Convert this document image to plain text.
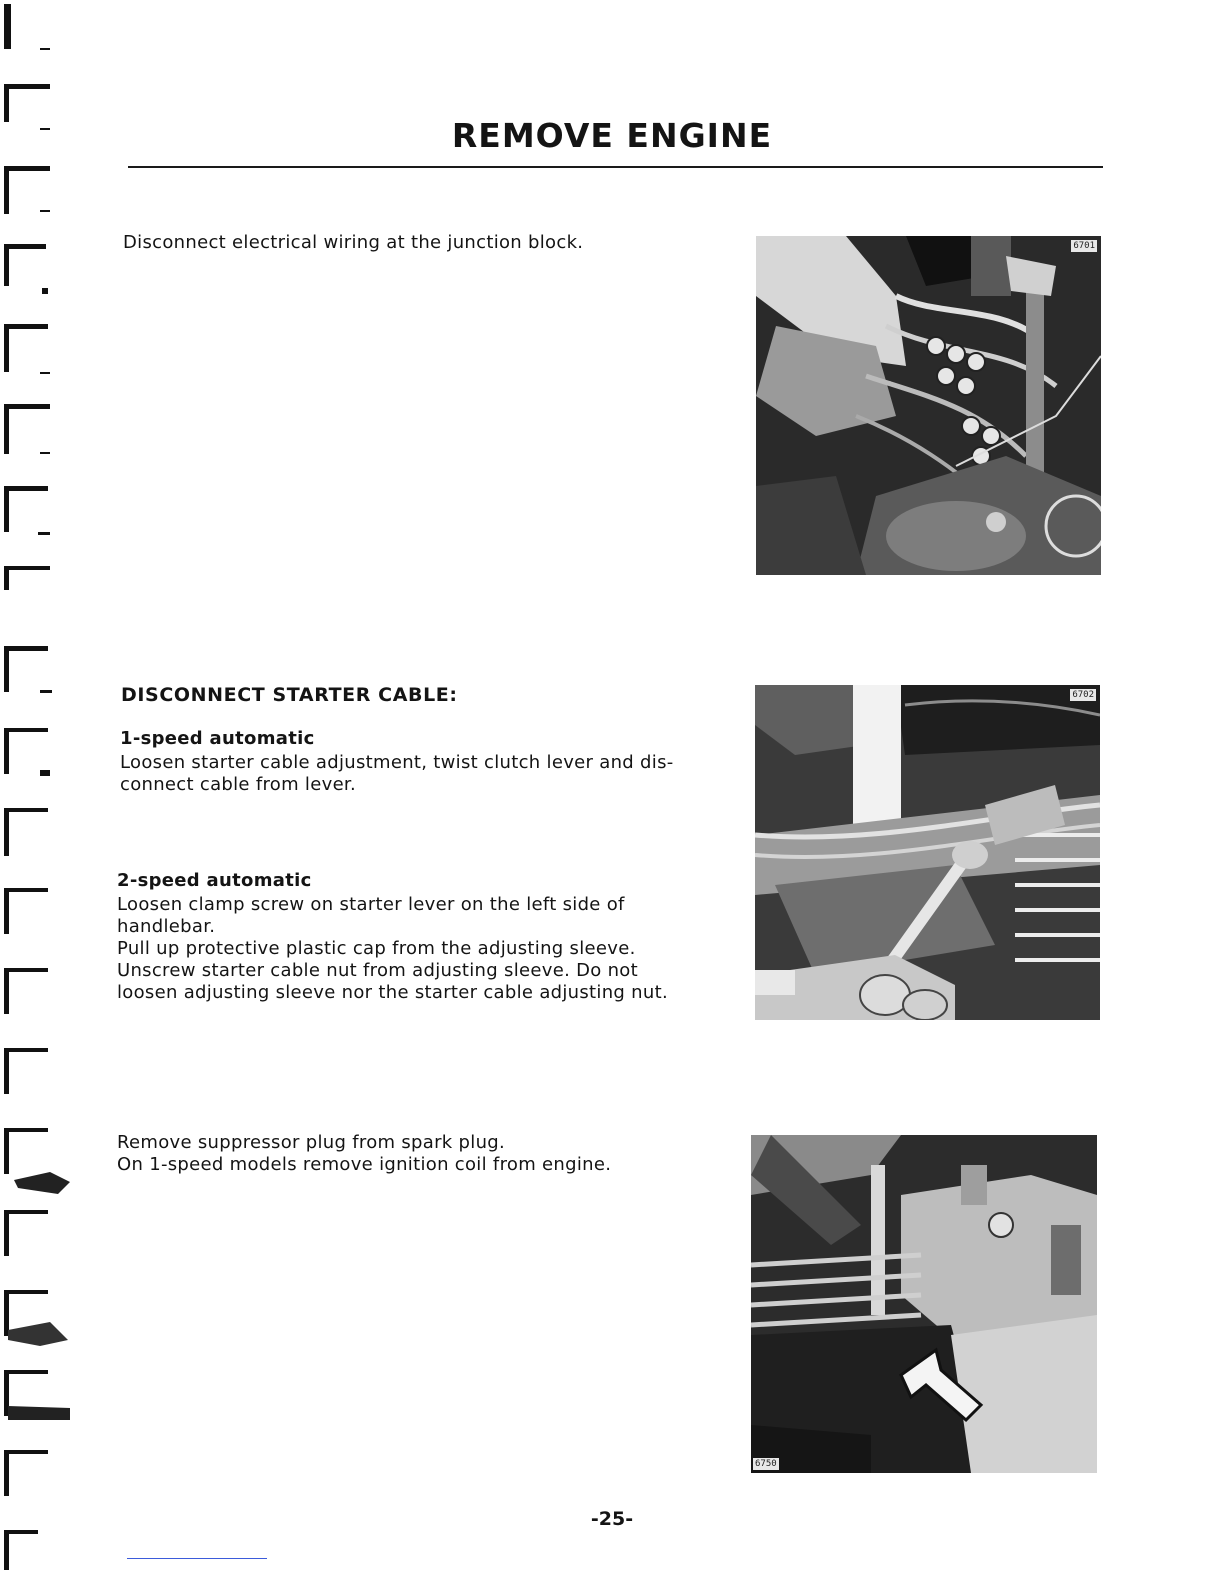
REMOVE ENGINE

Disconnect electrical wiring at the junction block.	6701
DISCONNECT STARTER CABLE:
1-speed automatic

Loosen starter cable adjustment, twist clutch lever and dis-

connect cable from lever.

2-speed automatic

Loosen clamp screw on starter lever on the left side of

handlebar.

Pull up protective plastic cap from the adjusting sleeve.

Unscrew starter cable nut from adjusting sleeve. Do not

loosen adjusting sleeve nor the starter cable adjusting nut.

6702

Remove suppressor plug from spark plug.

On 1-speed models remove ignition coil from engine.

6750

-25-
